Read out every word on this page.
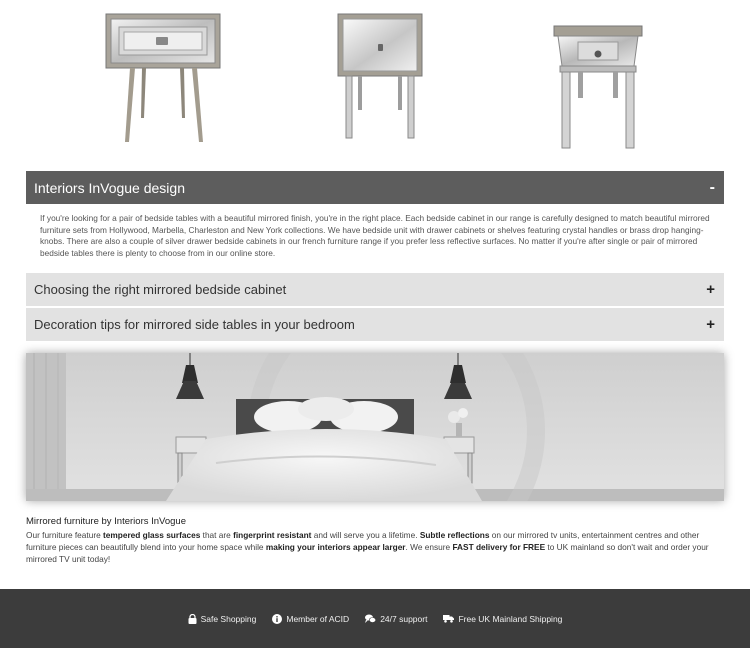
Interiors InVogue design	-
If you're looking for a pair of bedside tables with a beautiful mirrored finish, you're in the right place. Each bedside cabinet in our range is carefully designed to match beautiful mirrored furniture sets from Hollywood, Marbella, Charleston and New York collections. We have bedside unit with drawer cabinets or shelves featuring crystal handles or brass drop hanging-knobs. There are also a couple of silver drawer bedside cabinets in our french furniture range if you prefer less reflective surfaces. No matter if you're after single or pair of mirrored bedside tables there is plenty to choose from in our online store.
Choosing the right mirrored bedside cabinet	+
Decoration tips for mirrored side tables in your bedroom	+
Mirrored furniture by Interiors InVogue
Our furniture feature tempered glass surfaces that are fingerprint resistant and will serve you a lifetime. Subtle reflections on our mirrored tv units, entertainment centres and other furniture pieces can beautifully blend into your home space while making your interiors appear larger. We ensure FAST delivery for FREE to UK mainland so don't wait and order your mirrored TV unit today!
Safe Shopping	Member of ACID	24/7 support	Free UK Mainland Shipping
